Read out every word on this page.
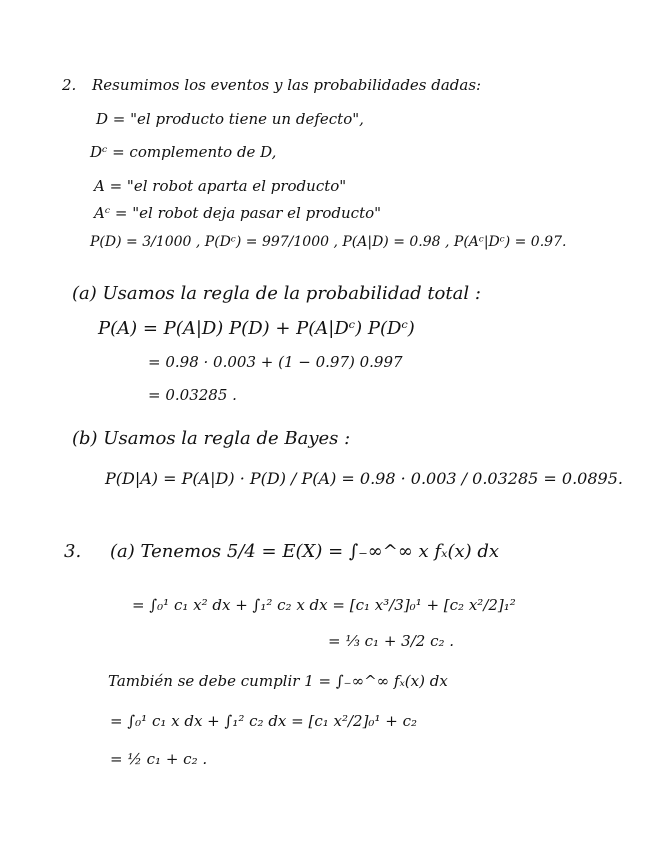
2. Resumimos los eventos y las probabilidades dadas:
D = "el producto tiene un defecto",
Dᶜ = complemento de D,
A = "el robot aparta el producto"
Aᶜ = "el robot deja pasar el producto"
P(D) = 3/1000 , P(Dᶜ) = 997/1000 , P(A|D) = 0.98 , P(Aᶜ|Dᶜ) = 0.97.
(a) Usamos la regla de la probabilidad total :
P(A) = P(A|D) P(D) + P(A|Dᶜ) P(Dᶜ)
= 0.98 · 0.003 + (1 − 0.97) 0.997
= 0.03285 .
(b) Usamos la regla de Bayes :
P(D|A) = P(A|D) · P(D) / P(A) = 0.98 · 0.003 / 0.03285 = 0.0895.
3. (a) Tenemos 5/4 = E(X) = ∫₋∞^∞ x fₓ(x) dx
= ∫₀¹ c₁ x² dx + ∫₁² c₂ x dx = [c₁ x³/3]₀¹ + [c₂ x²/2]₁²
= ⅓ c₁ + 3/2 c₂ .
También se debe cumplir 1 = ∫₋∞^∞ fₓ(x) dx
= ∫₀¹ c₁ x dx + ∫₁² c₂ dx = [c₁ x²/2]₀¹ + c₂
= ½ c₁ + c₂ .
